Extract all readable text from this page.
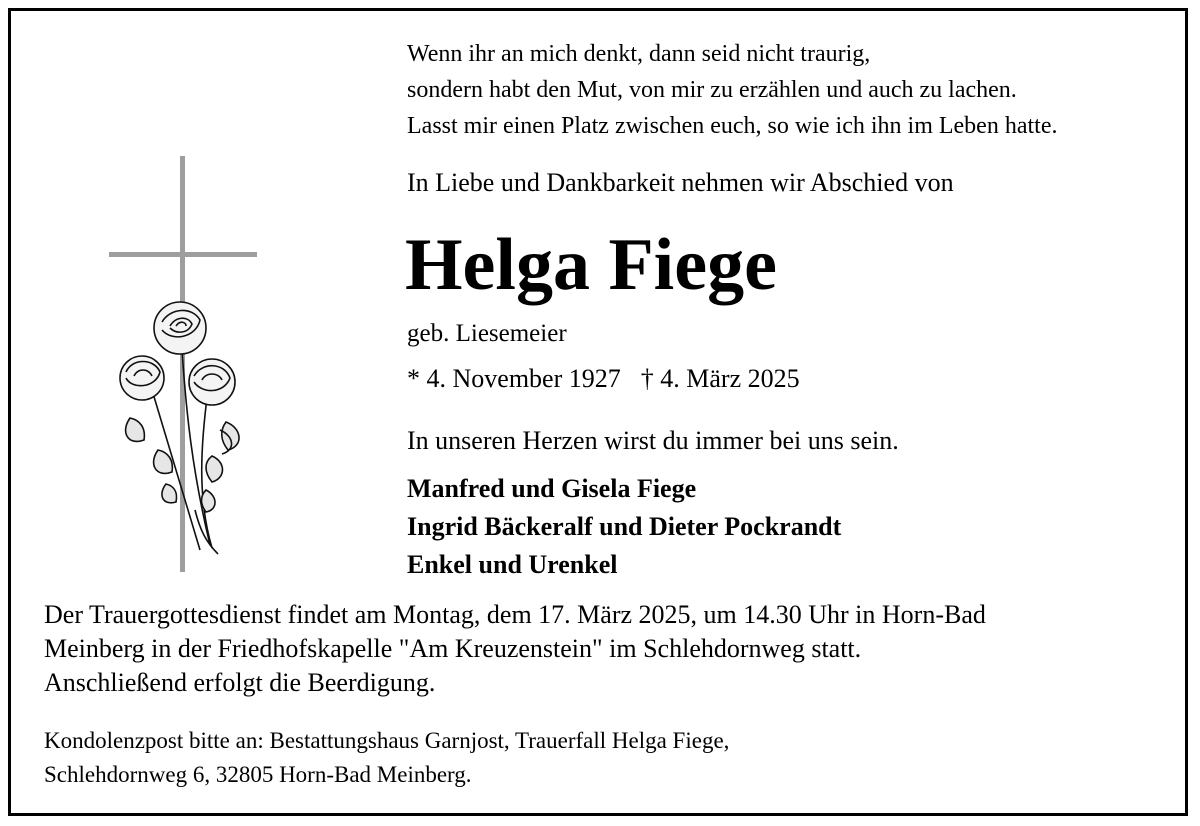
Wenn ihr an mich denkt, dann seid nicht traurig,
sondern habt den Mut, von mir zu erzählen und auch zu lachen.
Lasst mir einen Platz zwischen euch, so wie ich ihn im Leben hatte.
In Liebe und Dankbarkeit nehmen wir Abschied von
Helga Fiege
geb. Liesemeier
* 4. November 1927 † 4. März 2025
In unseren Herzen wirst du immer bei uns sein.
Manfred und Gisela Fiege
Ingrid Bäckeralf und Dieter Pockrandt
Enkel und Urenkel
Der Trauergottesdienst findet am Montag, dem 17. März 2025, um 14.30 Uhr in Horn-Bad
Meinberg in der Friedhofskapelle "Am Kreuzenstein" im Schlehdornweg statt.
Anschließend erfolgt die Beerdigung.
Kondolenzpost bitte an: Bestattungshaus Garnjost, Trauerfall Helga Fiege,
Schlehdornweg 6, 32805 Horn-Bad Meinberg.
